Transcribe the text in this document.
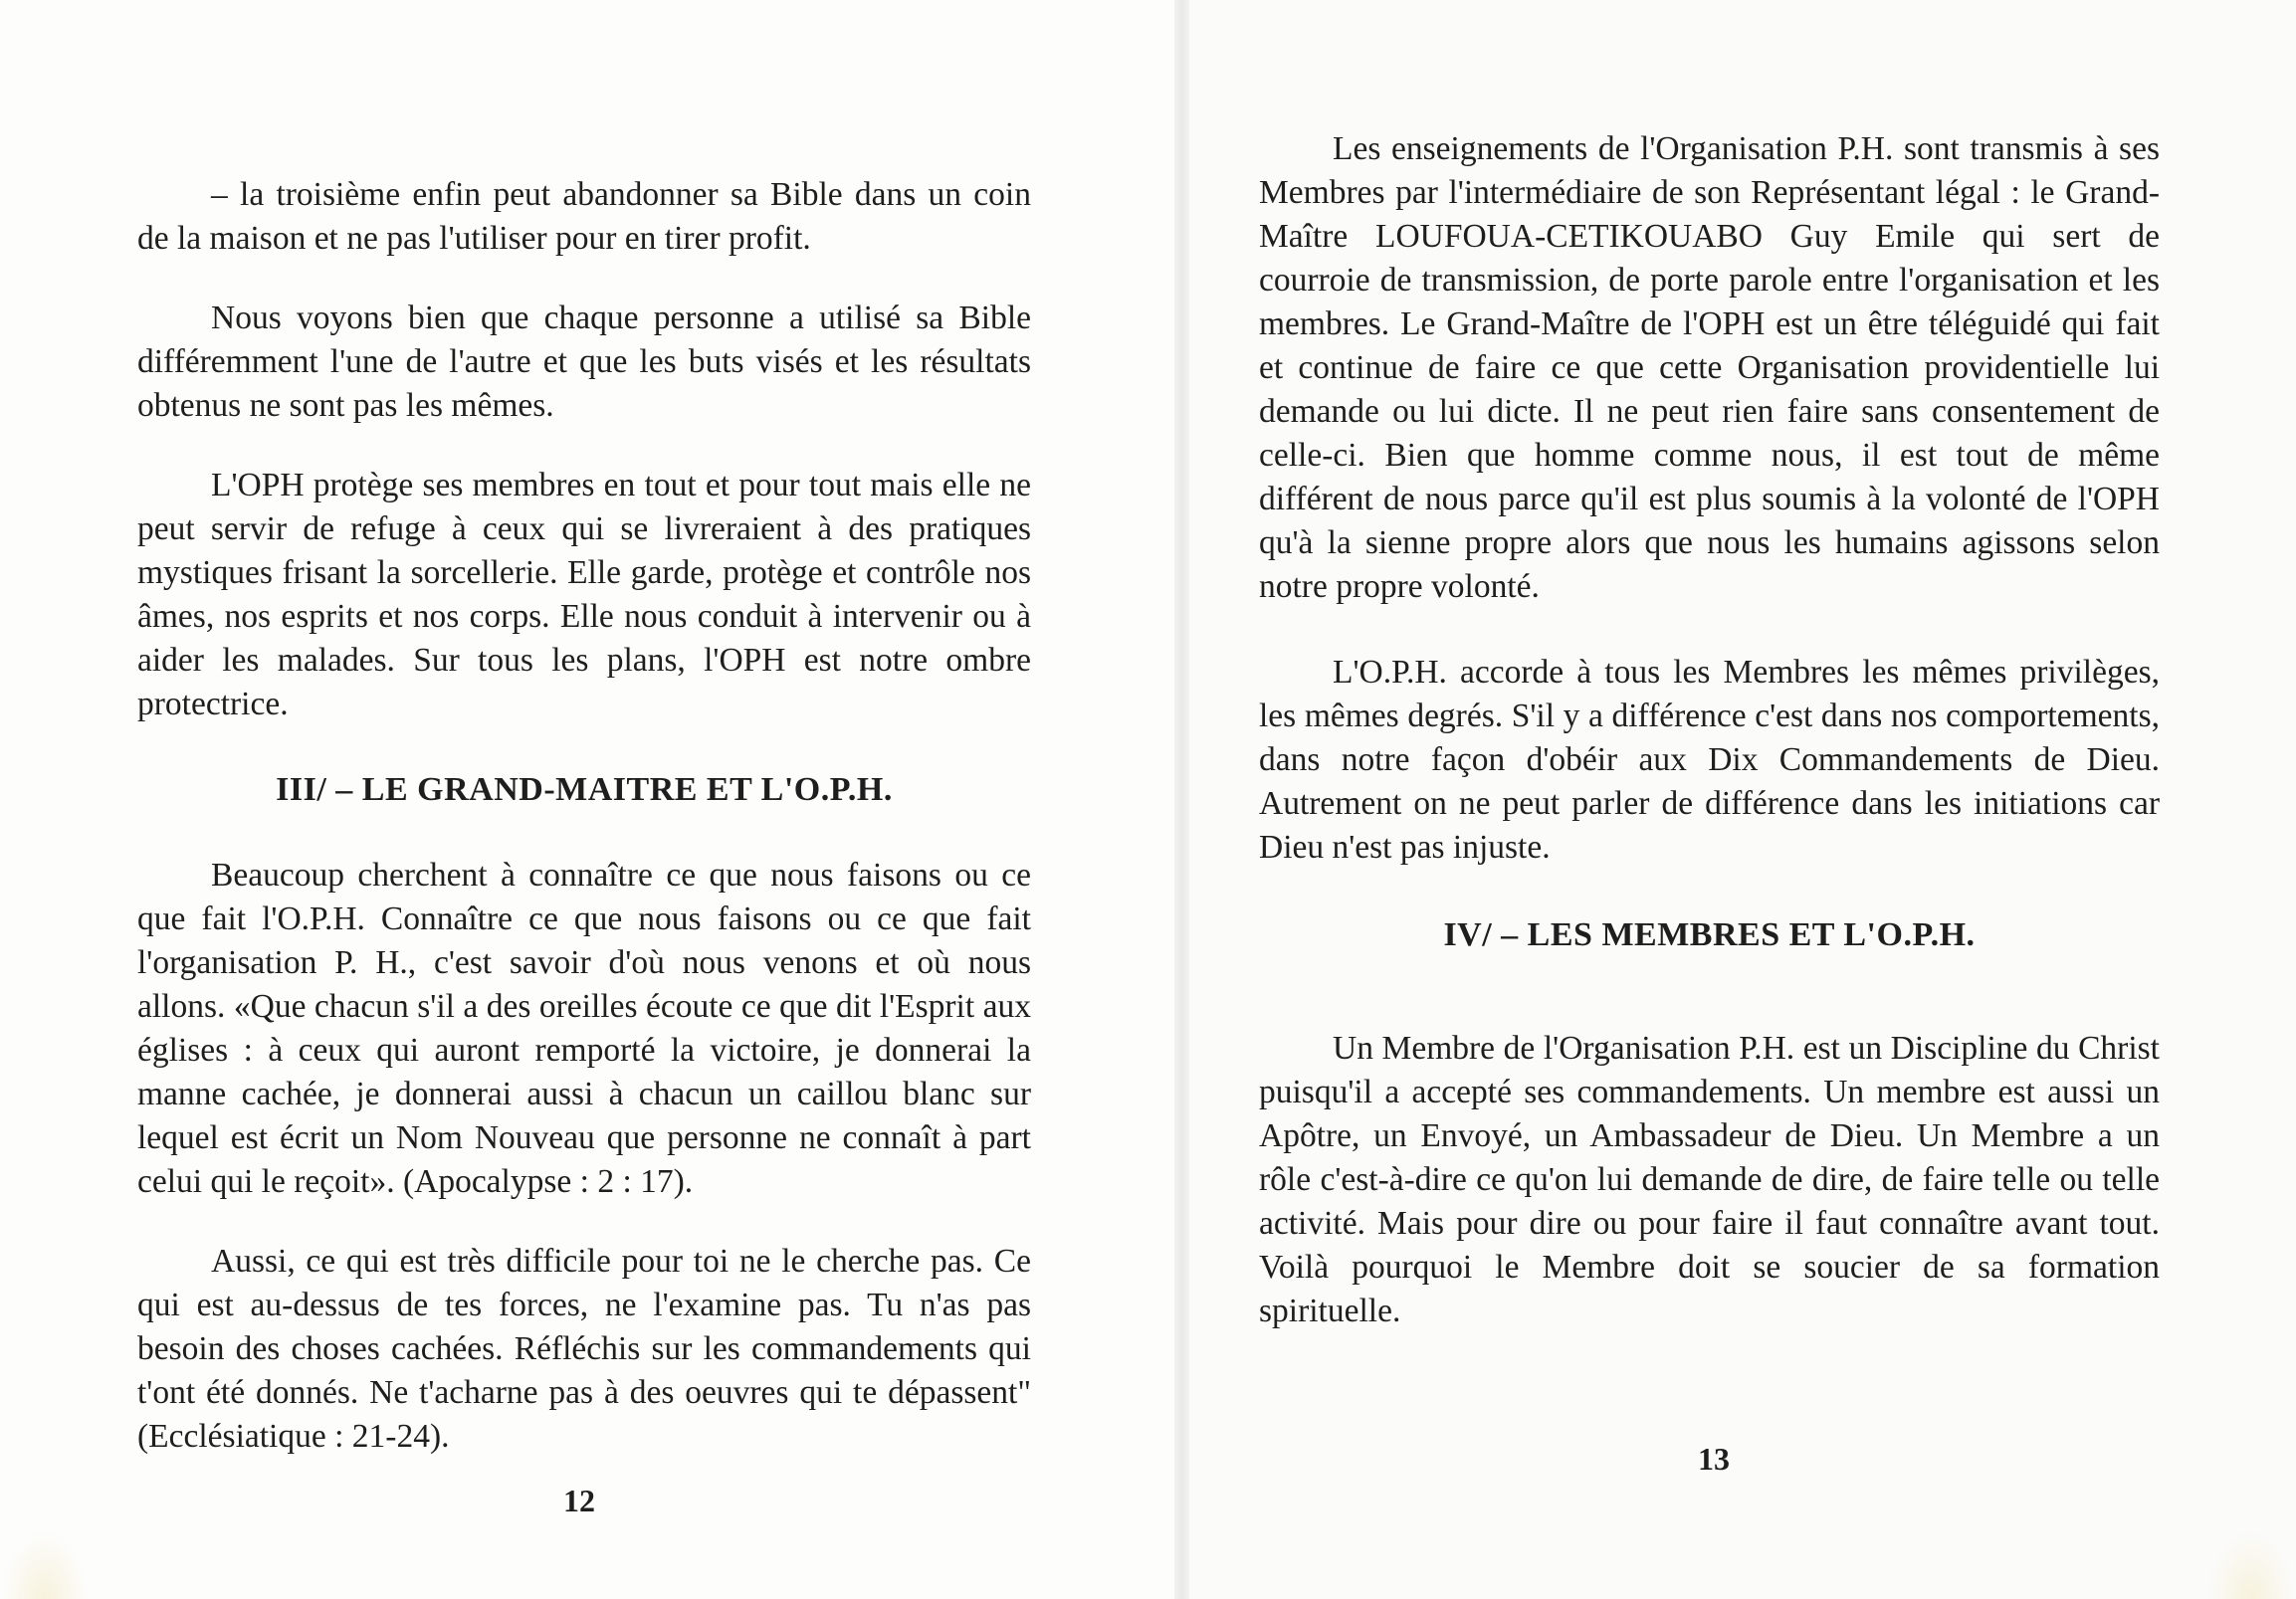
– la troisième enfin peut abandonner sa Bible dans un coin de la maison et ne pas l'utiliser pour en tirer profit.

Nous voyons bien que chaque personne a utilisé sa Bible différemment l'une de l'autre et que les buts visés et les résultats obtenus ne sont pas les mêmes.

L'OPH protège ses membres en tout et pour tout mais elle ne peut servir de refuge à ceux qui se livreraient à des pratiques mystiques frisant la sorcellerie. Elle garde, protège et contrôle nos âmes, nos esprits et nos corps. Elle nous conduit à intervenir ou à aider les malades. Sur tous les plans, l'OPH est notre ombre protectrice.

III/ – LE GRAND-MAITRE ET L'O.P.H.

Beaucoup cherchent à connaître ce que nous faisons ou ce que fait l'O.P.H. Connaître ce que nous faisons ou ce que fait l'organisation P. H., c'est savoir d'où nous venons et où nous allons. «Que chacun s'il a des oreilles écoute ce que dit l'Esprit aux églises : à ceux qui auront remporté la victoire, je donnerai la manne cachée, je donnerai aussi à chacun un caillou blanc sur lequel est écrit un Nom Nouveau que personne ne connaît à part celui qui le reçoit». (Apocalypse : 2 : 17).

Aussi, ce qui est très difficile pour toi ne le cherche pas. Ce qui est au-dessus de tes forces, ne l'examine pas. Tu n'as pas besoin des choses cachées. Réfléchis sur les commandements qui t'ont été donnés. Ne t'acharne pas à des oeuvres qui te dépassent" (Ecclésiatique : 21-24).

12

Les enseignements de l'Organisation P.H. sont transmis à ses Membres par l'intermédiaire de son Représentant légal : le Grand-Maître LOUFOUA-CETIKOUABO Guy Emile qui sert de courroie de transmission, de porte parole entre l'organisation et les membres. Le Grand-Maître de l'OPH est un être téléguidé qui fait et continue de faire ce que cette Organisation providentielle lui demande ou lui dicte. Il ne peut rien faire sans consentement de celle-ci. Bien que homme comme nous, il est tout de même différent de nous parce qu'il est plus soumis à la volonté de l'OPH qu'à la sienne propre alors que nous les humains agissons selon notre propre volonté.

L'O.P.H. accorde à tous les Membres les mêmes privilèges, les mêmes degrés. S'il y a différence c'est dans nos comportements, dans notre façon d'obéir aux Dix Commandements de Dieu. Autrement on ne peut parler de différence dans les initiations car Dieu n'est pas injuste.

IV/ – LES MEMBRES ET L'O.P.H.

Un Membre de l'Organisation P.H. est un Discipline du Christ puisqu'il a accepté ses commandements. Un membre est aussi un Apôtre, un Envoyé, un Ambassadeur de Dieu. Un Membre a un rôle c'est-à-dire ce qu'on lui demande de dire, de faire telle ou telle activité. Mais pour dire ou pour faire il faut connaître avant tout. Voilà pourquoi le Membre doit se soucier de sa formation spirituelle.

13
